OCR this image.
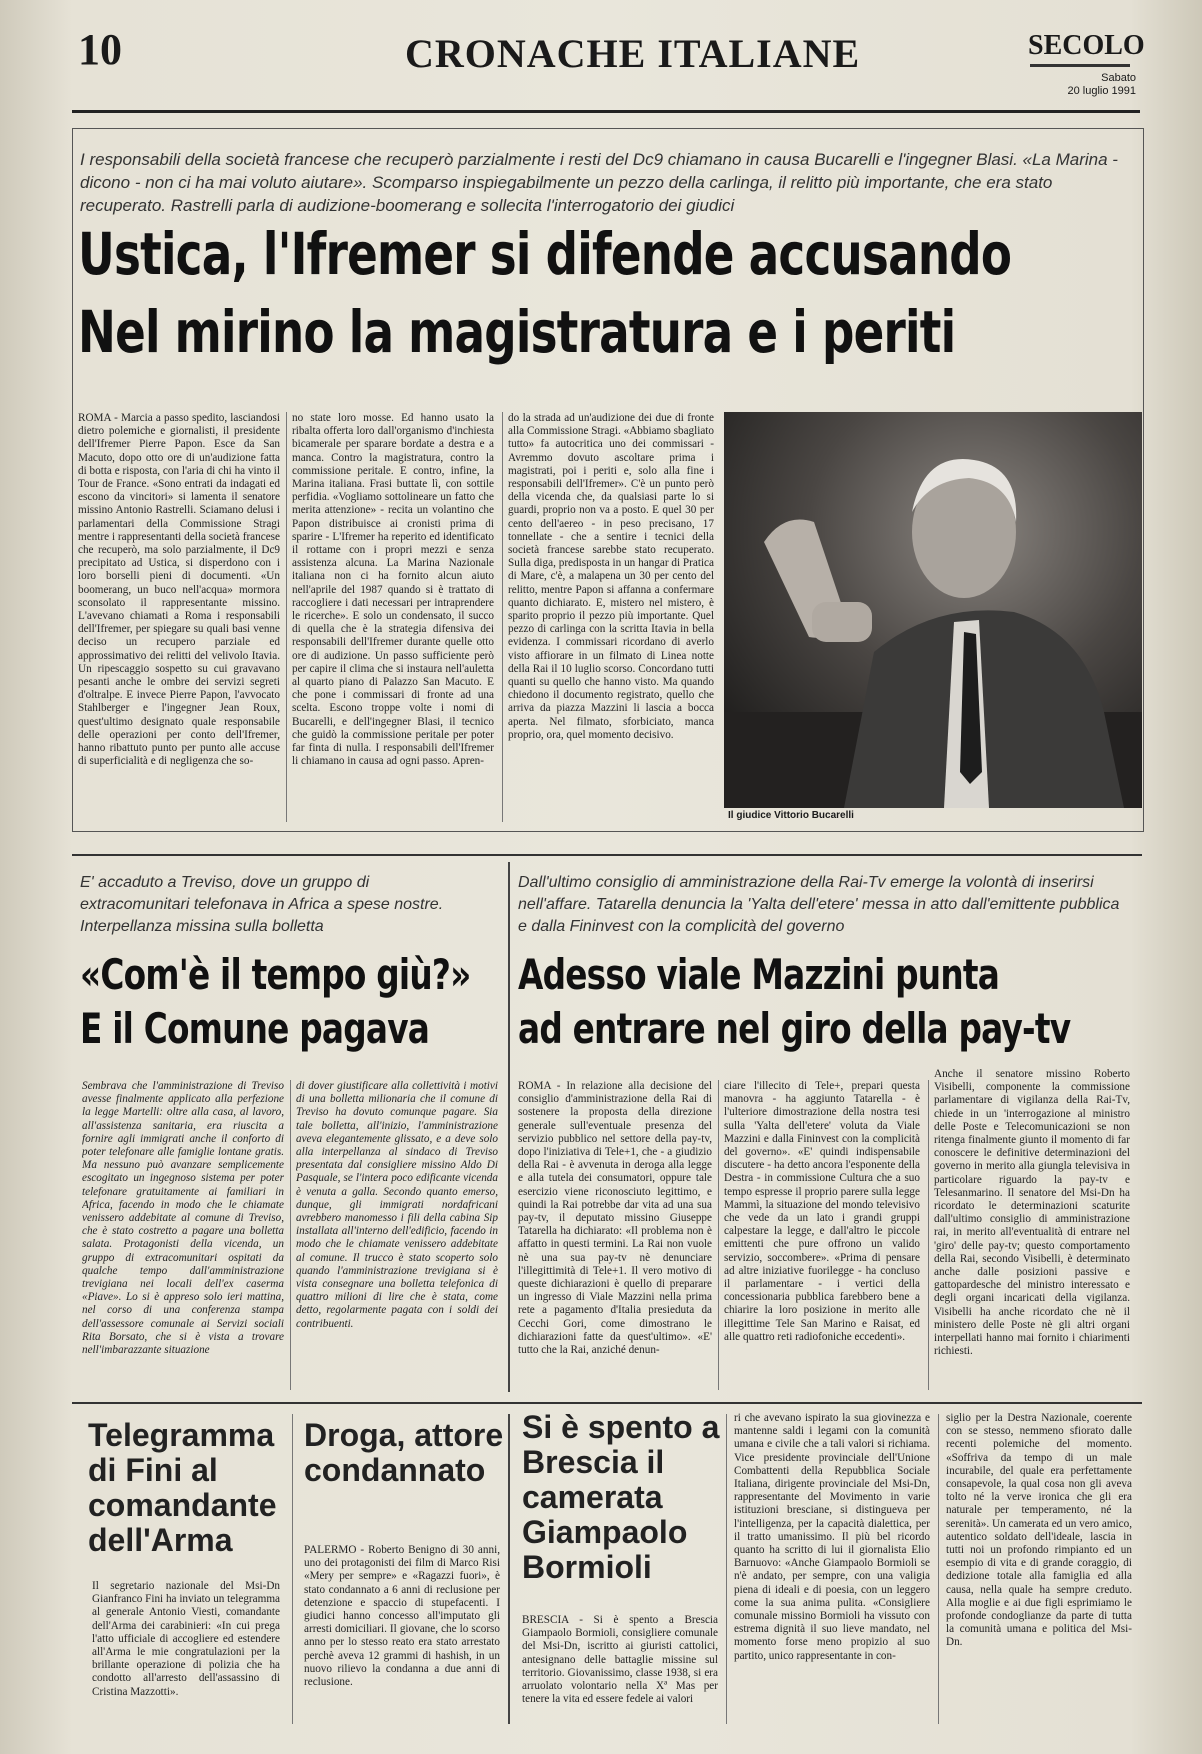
10	CRONACHE ITALIANE	SECOLO
Sabato
20 luglio 1991
I responsabili della società francese che recuperò parzialmente i resti del Dc9 chiamano in causa Bucarelli e l'ingegner Blasi. «La Marina - dicono - non ci ha mai voluto aiutare». Scomparso inspiegabilmente un pezzo della carlinga, il relitto più importante, che era stato recuperato. Rastrelli parla di audizione-boomerang e sollecita l'interrogatorio dei giudici
Ustica, l'Ifremer si difende accusando
Nel mirino la magistratura e i periti
ROMA - Marcia a passo spedito, lasciandosi dietro polemiche e giornalisti, il presidente dell'Ifremer Pierre Papon. Esce da San Macuto, dopo otto ore di un'audizione fatta di botta e risposta, con l'aria di chi ha vinto il Tour de France. «Sono entrati da indagati ed escono da vincitori» si lamenta il senatore missino Antonio Rastrelli. Sciamano delusi i parlamentari della Commissione Stragi mentre i rappresentanti della società francese che recuperò, ma solo parzialmente, il Dc9 precipitato ad Ustica, si disperdono con i loro borselli pieni di documenti. «Un boomerang, un buco nell'acqua» mormora sconsolato il rappresentante missino. L'avevano chiamati a Roma i responsabili dell'Ifremer, per spiegare su quali basi venne deciso un recupero parziale ed approssimativo dei relitti del velivolo Itavia. Un ripescaggio sospetto su cui gravavano pesanti anche le ombre dei servizi segreti d'oltralpe. E invece Pierre Papon, l'avvocato Stahlberger e l'ingegner Jean Roux, quest'ultimo designato quale responsabile delle operazioni per conto dell'Ifremer, hanno ribattuto punto per punto alle accuse di superficialità e di negligenza che so-
no state loro mosse. Ed hanno usato la ribalta offerta loro dall'organismo d'inchiesta bicamerale per sparare bordate a destra e a manca. Contro la magistratura, contro la commissione peritale. E contro, infine, la Marina italiana. Frasi buttate lì, con sottile perfidia. «Vogliamo sottolineare un fatto che merita attenzione» - recita un volantino che Papon distribuisce ai cronisti prima di sparire - L'Ifremer ha reperito ed identificato il rottame con i propri mezzi e senza assistenza alcuna. La Marina Nazionale italiana non ci ha fornito alcun aiuto nell'aprile del 1987 quando si è trattato di raccogliere i dati necessari per intraprendere le ricerche». E solo un condensato, il succo di quella che è la strategia difensiva dei responsabili dell'Ifremer durante quelle otto ore di audizione. Un passo sufficiente però per capire il clima che si instaura nell'auletta al quarto piano di Palazzo San Macuto. E che pone i commissari di fronte ad una scelta. Escono troppe volte i nomi di Bucarelli, e dell'ingegner Blasi, il tecnico che guidò la commissione peritale per poter far finta di nulla. I responsabili dell'Ifremer li chiamano in causa ad ogni passo. Apren-
do la strada ad un'audizione dei due di fronte alla Commissione Stragi. «Abbiamo sbagliato tutto» fa autocritica uno dei commissari - Avremmo dovuto ascoltare prima i magistrati, poi i periti e, solo alla fine i responsabili dell'Ifremer». C'è un punto però della vicenda che, da qualsiasi parte lo si guardi, proprio non va a posto. E quel 30 per cento dell'aereo - in peso precisano, 17 tonnellate - che a sentire i tecnici della società francese sarebbe stato recuperato. Sulla diga, predisposta in un hangar di Pratica di Mare, c'è, a malapena un 30 per cento del relitto, mentre Papon si affanna a confermare quanto dichiarato. E, mistero nel mistero, è sparito proprio il pezzo più importante. Quel pezzo di carlinga con la scritta Itavia in bella evidenza. I commissari ricordano di averlo visto affiorare in un filmato di Linea notte della Rai il 10 luglio scorso. Concordano tutti quanti su quello che hanno visto. Ma quando chiedono il documento registrato, quello che arriva da piazza Mazzini li lascia a bocca aperta. Nel filmato, sforbiciato, manca proprio, ora, quel momento decisivo.
Il giudice Vittorio Bucarelli
E' accaduto a Treviso, dove un gruppo di extracomunitari telefonava in Africa a spese nostre. Interpellanza missina sulla bolletta
«Com'è il tempo giù?»
E il Comune pagava
Sembrava che l'amministrazione di Treviso avesse finalmente applicato alla perfezione la legge Martelli: oltre alla casa, al lavoro, all'assistenza sanitaria, era riuscita a fornire agli immigrati anche il conforto di poter telefonare alle famiglie lontane gratis. Ma nessuno può avanzare semplicemente escogitato un ingegnoso sistema per poter telefonare gratuitamente ai familiari in Africa, facendo in modo che le chiamate venissero addebitate al comune di Treviso, che è stato costretto a pagare una bolletta salata. Protagonisti della vicenda, un gruppo di extracomunitari ospitati da qualche tempo dall'amministrazione trevigiana nei locali dell'ex caserma «Piave». Lo si è appreso solo ieri mattina, nel corso di una conferenza stampa dell'assessore comunale ai Servizi sociali Rita Borsato, che si è vista a trovare nell'imbarazzante situazione
di dover giustificare alla collettività i motivi di una bolletta milionaria che il comune di Treviso ha dovuto comunque pagare. Sia tale bolletta, all'inizio, l'amministrazione aveva elegantemente glissato, e a deve solo alla interpellanza al sindaco di Treviso presentata dal consigliere missino Aldo Di Pasquale, se l'intera poco edificante vicenda è venuta a galla. Secondo quanto emerso, dunque, gli immigrati nordafricani avrebbero manomesso i fili della cabina Sip installata all'interno dell'edificio, facendo in modo che le chiamate venissero addebitate al comune. Il trucco è stato scoperto solo quando l'amministrazione trevigiana si è vista consegnare una bolletta telefonica di quattro milioni di lire che è stata, come detto, regolarmente pagata con i soldi dei contribuenti.
Dall'ultimo consiglio di amministrazione della Rai-Tv emerge la volontà di inserirsi nell'affare. Tatarella denuncia la 'Yalta dell'etere' messa in atto dall'emittente pubblica e dalla Fininvest con la complicità del governo
Adesso viale Mazzini punta
ad entrare nel giro della pay-tv
ROMA - In relazione alla decisione del consiglio d'amministrazione della Rai di sostenere la proposta della direzione generale sull'eventuale presenza del servizio pubblico nel settore della pay-tv, dopo l'iniziativa di Tele+1, che - a giudizio della Rai - è avvenuta in deroga alla legge e alla tutela dei consumatori, oppure tale esercizio viene riconosciuto legittimo, e quindi la Rai potrebbe dar vita ad una sua pay-tv, il deputato missino Giuseppe Tatarella ha dichiarato: «Il problema non è affatto in questi termini. La Rai non vuole nè una sua pay-tv nè denunciare l'illegittimità di Tele+1. Il vero motivo di queste dichiarazioni è quello di preparare un ingresso di Viale Mazzini nella prima rete a pagamento d'Italia presieduta da Cecchi Gori, come dimostrano le dichiarazioni fatte da quest'ultimo». «E' tutto che la Rai, anziché denun-
ciare l'illecito di Tele+, prepari questa manovra - ha aggiunto Tatarella - è l'ulteriore dimostrazione della nostra tesi sulla 'Yalta dell'etere' voluta da Viale Mazzini e dalla Fininvest con la complicità del governo». «E' quindi indispensabile discutere - ha detto ancora l'esponente della Destra - in commissione Cultura che a suo tempo espresse il proprio parere sulla legge Mammì, la situazione del mondo televisivo che vede da un lato i grandi gruppi calpestare la legge, e dall'altro le piccole emittenti che pure offrono un valido servizio, soccombere». «Prima di pensare ad altre iniziative fuorilegge - ha concluso il parlamentare - i vertici della concessionaria pubblica farebbero bene a chiarire la loro posizione in merito alle illegittime Tele San Marino e Raisat, ed alle quattro reti radiofoniche eccedenti».
Anche il senatore missino Roberto Visibelli, componente la commissione parlamentare di vigilanza della Rai-Tv, chiede in un 'interrogazione al ministro delle Poste e Telecomunicazioni se non ritenga finalmente giunto il momento di far conoscere le definitive determinazioni del governo in merito alla giungla televisiva in particolare riguardo la pay-tv e Telesanmarino. Il senatore del Msi-Dn ha ricordato le determinazioni scaturite dall'ultimo consiglio di amministrazione rai, in merito all'eventualità di entrare nel 'giro' delle pay-tv; questo comportamento della Rai, secondo Visibelli, è determinato anche dalle posizioni passive e gattopardesche del ministro interessato e degli organi incaricati della vigilanza. Visibelli ha anche ricordato che nè il ministero delle Poste nè gli altri organi interpellati hanno mai fornito i chiarimenti richiesti.
Telegramma di Fini al comandante dell'Arma
Il segretario nazionale del Msi-Dn Gianfranco Fini ha inviato un telegramma al generale Antonio Viesti, comandante dell'Arma dei carabinieri: «In cui prega l'atto ufficiale di accogliere ed estendere all'Arma le mie congratulazioni per la brillante operazione di polizia che ha condotto all'arresto dell'assassino di Cristina Mazzotti».
Droga, attore condannato
PALERMO - Roberto Benigno di 30 anni, uno dei protagonisti dei film di Marco Risi «Mery per sempre» e «Ragazzi fuori», è stato condannato a 6 anni di reclusione per detenzione e spaccio di stupefacenti. I giudici hanno concesso all'imputato gli arresti domiciliari. Il giovane, che lo scorso anno per lo stesso reato era stato arrestato perchè aveva 12 grammi di hashish, in un nuovo rilievo la condanna a due anni di reclusione.
Si è spento a Brescia il camerata Giampaolo Bormioli
BRESCIA - Si è spento a Brescia Giampaolo Bormioli, consigliere comunale del Msi-Dn, iscritto ai giuristi cattolici, antesignano delle battaglie missine sul territorio. Giovanissimo, classe 1938, si era arruolato volontario nella Xª Mas per tenere la vita ed essere fedele ai valori
ri che avevano ispirato la sua giovinezza e mantenne saldi i legami con la comunità umana e civile che a tali valori si richiama. Vice presidente provinciale dell'Unione Combattenti della Repubblica Sociale Italiana, dirigente provinciale del Msi-Dn, rappresentante del Movimento in varie istituzioni bresciane, si distingueva per l'intelligenza, per la capacità dialettica, per il tratto umanissimo. Il più bel ricordo quanto ha scritto di lui il giornalista Elio Barnuovo: «Anche Giampaolo Bormioli se n'è andato, per sempre, con una valigia piena di ideali e di poesia, con un leggero come la sua anima pulita. «Consigliere comunale missino Bormioli ha vissuto con estrema dignità il suo lieve mandato, nel momento forse meno propizio al suo partito, unico rappresentante in con-
siglio per la Destra Nazionale, coerente con se stesso, nemmeno sfiorato dalle recenti polemiche del momento. «Soffriva da tempo di un male incurabile, del quale era perfettamente consapevole, la qual cosa non gli aveva tolto né la verve ironica che gli era naturale per temperamento, né la serenità». Un camerata ed un vero amico, autentico soldato dell'ideale, lascia in tutti noi un profondo rimpianto ed un esempio di vita e di grande coraggio, di dedizione totale alla famiglia ed alla causa, nella quale ha sempre creduto. Alla moglie e ai due figli esprimiamo le profonde condoglianze da parte di tutta la comunità umana e politica del Msi-Dn.
